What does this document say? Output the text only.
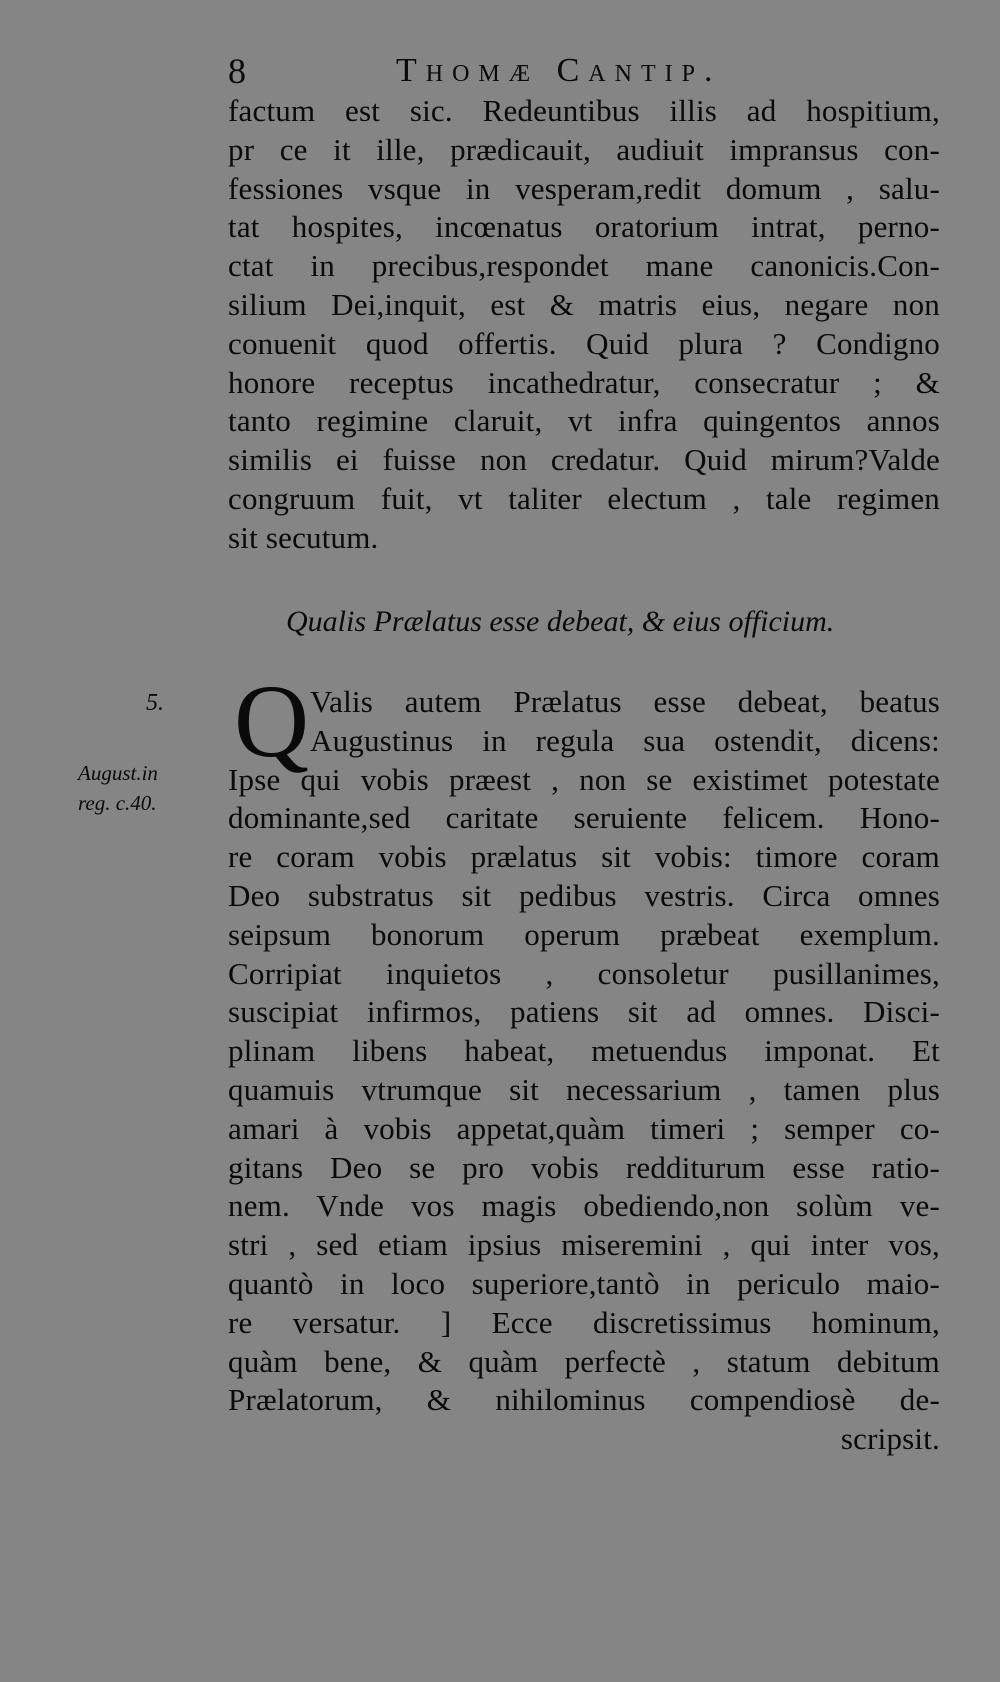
8	Thomæ Cantip.
factum est sic. Redeuntibus illis ad hospitium,
pr ce it ille, prædicauit, audiuit impransus con-
fessiones vsque in vesperam,redit domum , salu-
tat hospites, incœnatus oratorium intrat, perno-
ctat in precibus,respondet mane canonicis.Con-
silium Dei,inquit, est & matris eius, negare non
conuenit quod offertis. Quid plura ? Condigno
honore receptus incathedratur, consecratur ; &
tanto regimine claruit, vt infra quingentos annos
similis ei fuisse non credatur. Quid mirum?Valde
congruum fuit, vt taliter electum , tale regimen
sit secutum.
Qualis Prælatus esse debeat, & eius officium.
5.
August.in
reg. c.40.
Q Valis autem Prælatus esse debeat, beatus
Augustinus in regula sua ostendit, dicens:
Ipse qui vobis præest , non se existimet potestate
dominante,sed caritate seruiente felicem. Hono-
re coram vobis prælatus sit vobis: timore coram
Deo substratus sit pedibus vestris. Circa omnes
seipsum bonorum operum præbeat exemplum.
Corripiat inquietos , consoletur pusillanimes,
suscipiat infirmos, patiens sit ad omnes. Disci-
plinam libens habeat, metuendus imponat. Et
quamuis vtrumque sit necessarium , tamen plus
amari à vobis appetat,quàm timeri ; semper co-
gitans Deo se pro vobis redditurum esse ratio-
nem. Vnde vos magis obediendo,non solùm ve-
stri , sed etiam ipsius miseremini , qui inter vos,
quantò in loco superiore,tantò in periculo maio-
re versatur. ] Ecce discretissimus hominum,
quàm bene, & quàm perfectè , statum debitum
Prælatorum, & nihilominus compendiosè de-
scripsit.
